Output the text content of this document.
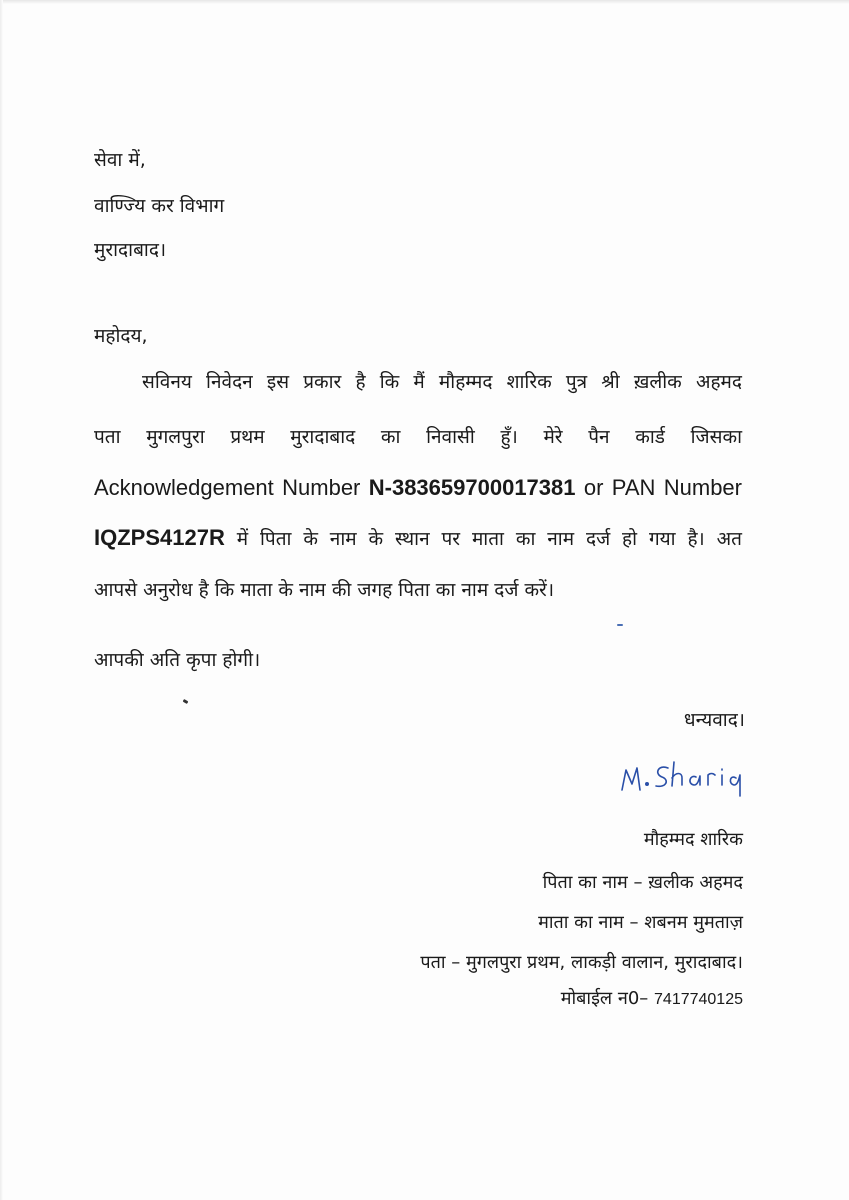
सेवा में,
वाण्ज्यि कर विभाग
मुरादाबाद।
महोदय,
सविनय निवेदन इस प्रकार है कि मैं मौहम्मद शारिक पुत्र श्री ख़लीक अहमद
पता मुगलपुरा प्रथम मुरादाबाद का निवासी हुँ। मेरे पैन कार्ड जिसका
Acknowledgement Number N-383659700017381 or PAN Number
IQZPS4127R में पिता के नाम के स्थान पर माता का नाम दर्ज हो गया है। अत
आपसे अनुरोध है कि माता के नाम की जगह पिता का नाम दर्ज करें।
आपकी अति कृपा होगी।
धन्यवाद।
मौहम्मद शारिक
पिता का नाम – ख़लीक अहमद
माता का नाम – शबनम मुमताज़
पता – मुगलपुरा प्रथम, लाकड़ी वालान, मुरादाबाद।
मोबाईल न0– 7417740125
